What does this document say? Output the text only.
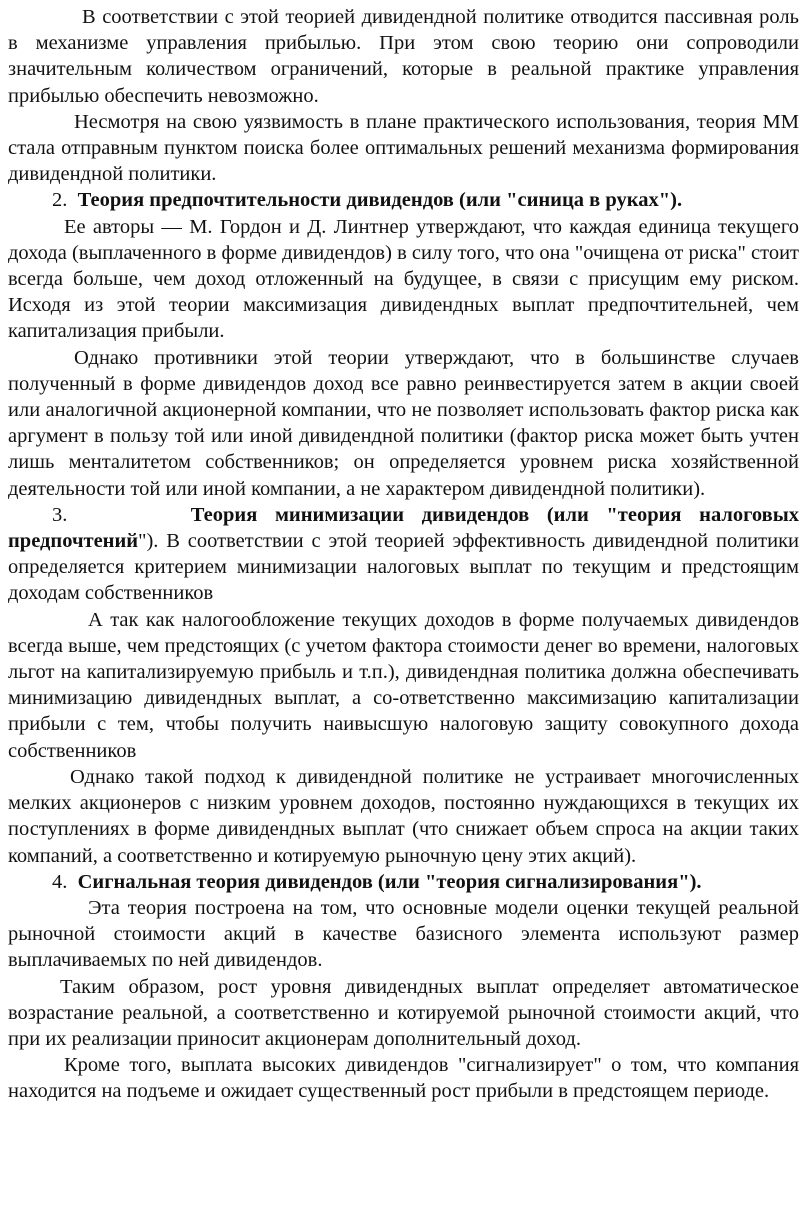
В соответствии с этой теорией дивидендной политике отводится пассивная роль в механизме управления прибылью. При этом свою теорию они сопроводили значительным количеством ограничений, которые в реальной практике управления прибылью обеспечить невозможно.

Несмотря на свою уязвимость в плане практического использования, теория ММ стала отправным пунктом поиска более оптимальных решений механизма формирования дивидендной политики.

2. Теория предпочтительности дивидендов (или "синица в руках").

Ее авторы — М. Гордон и Д. Линтнер утверждают, что каждая единица текущего дохода (выплаченного в форме дивидендов) в силу того, что она "очищена от риска" стоит всегда больше, чем доход отложенный на будущее, в связи с присущим ему риском. Исходя из этой теории максимизация дивидендных выплат предпочтительней, чем капитализация прибыли.

Однако противники этой теории утверждают, что в большинстве случаев полученный в форме дивидендов доход все равно реинвестируется затем в акции своей или аналогичной акционерной компании, что не позволяет использовать фактор риска как аргумент в пользу той или иной дивидендной политики (фактор риска может быть учтен лишь менталитетом собственников; он определяется уровнем риска хозяйственной деятельности той или иной компании, а не характером дивидендной политики).

3.	Теория минимизации дивидендов (или "теория налоговых предпочтений"). В соответствии с этой теорией эффективность дивидендной политики определяется критерием минимизации налоговых выплат по текущим и предстоящим доходам собственников

А так как налогообложение текущих доходов в форме получаемых дивидендов всегда выше, чем предстоящих (с учетом фактора стоимости денег во времени, налоговых льгот на капитализируемую прибыль и т.п.), дивидендная политика должна обеспечивать минимизацию дивидендных выплат, а со-ответственно максимизацию капитализации прибыли с тем, чтобы получить наивысшую налоговую защиту совокупного дохода собственников

Однако такой подход к дивидендной политике не устраивает многочисленных мелких акционеров с низким уровнем доходов, постоянно нуждающихся в текущих их поступлениях в форме дивидендных выплат (что снижает объем спроса на акции таких компаний, а соответственно и котируемую рыночную цену этих акций).

4. Сигнальная теория дивидендов (или "теория сигнализирования").

Эта теория построена на том, что основные модели оценки текущей реальной рыночной стоимости акций в качестве базисного элемента используют размер выплачиваемых по ней дивидендов.

Таким образом, рост уровня дивидендных выплат определяет автоматическое возрастание реальной, а соответственно и котируемой рыночной стоимости акций, что при их реализации приносит акционерам дополнительный доход.

Кроме того, выплата высоких дивидендов "сигнализирует" о том, что компания находится на подъеме и ожидает существенный рост прибыли в предстоящем периоде.
